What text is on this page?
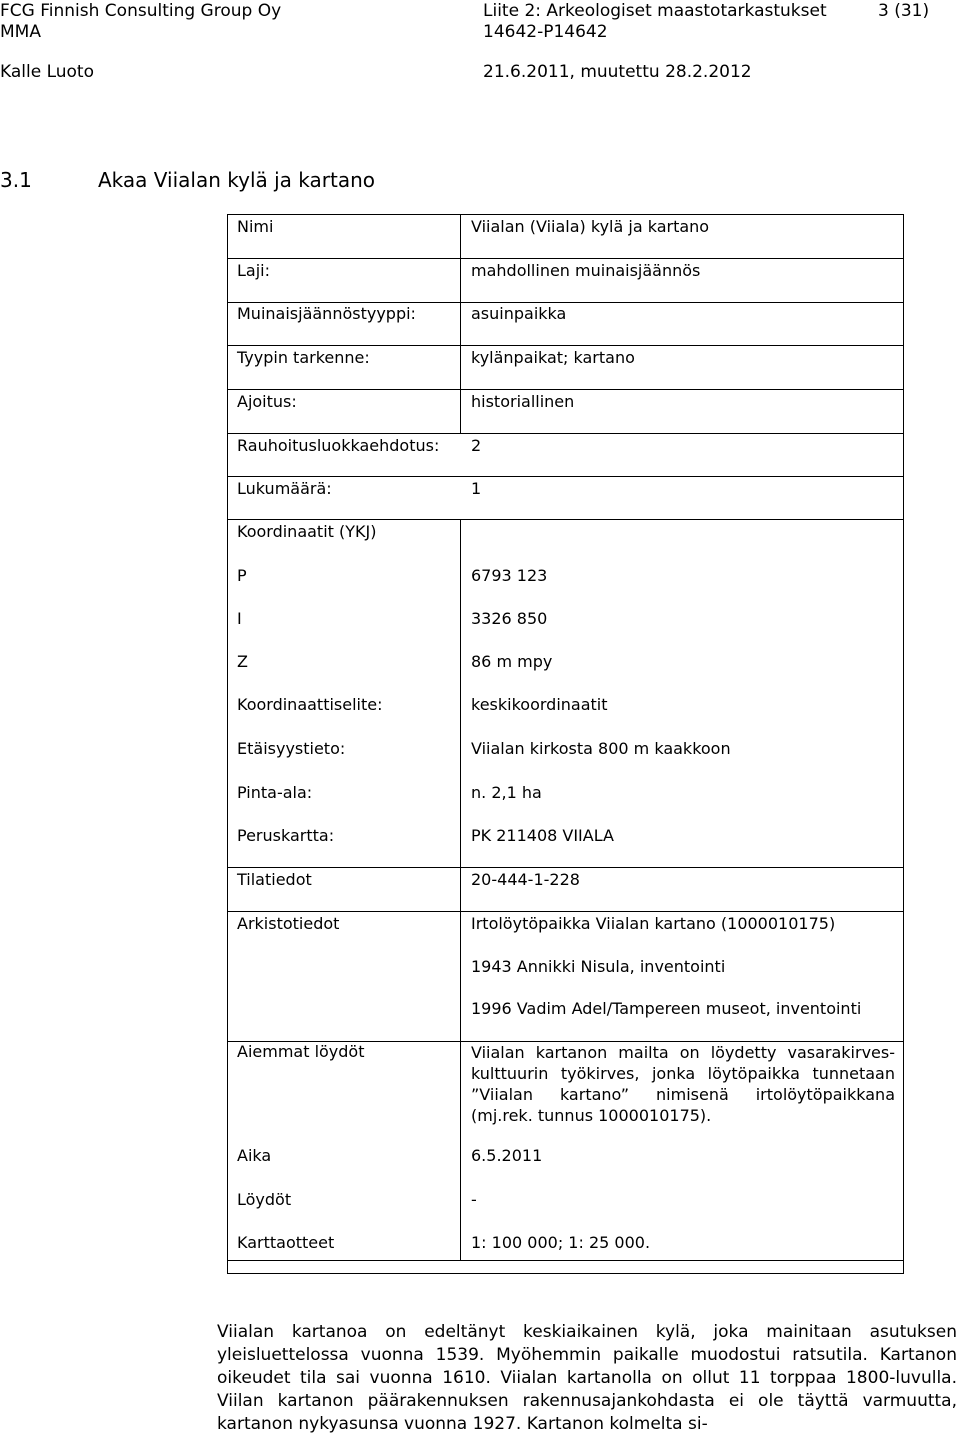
FCG Finnish Consulting Group Oy
MMA
Kalle Luoto
Liite 2: Arkeologiset maastotarkastukset
14642-P14642
21.6.2011, muutettu 28.2.2012
3 (31)
3.1	Akaa Viialan kylä ja kartano
Nimi	Viialan (Viiala) kylä ja kartano
Laji:	mahdollinen muinaisjäännös
Muinaisjäännöstyyppi:	asuinpaikka
Tyypin tarkenne:	kylänpaikat; kartano
Ajoitus:	historiallinen
Rauhoitusluokkaehdotus: 2
Lukumäärä:	1
Koordinaatit (YKJ)
P	6793 123
I	3326 850
Z	86 m mpy
Koordinaattiselite:	keskikoordinaatit
Etäisyystieto:	Viialan kirkosta 800 m kaakkoon
Pinta-ala:	n. 2,1 ha
Peruskartta:	PK 211408 VIIALA
Tilatiedot	20-444-1-228
Arkistotiedot	Irtolöytöpaikka Viialan kartano (1000010175)
1943 Annikki Nisula, inventointi
1996 Vadim Adel/Tampereen museot, inventointi
Aiemmat löydöt	Viialan kartanon mailta on löydetty vasarakirves-kulttuurin työkirves, jonka löytöpaikka tunnetaan ”Viialan kartano” nimisenä irtolöytöpaikkana (mj.rek. tunnus 1000010175).
Aika	6.5.2011
Löydöt	-
Karttaotteet	1: 100 000; 1: 25 000.
Viialan kartanoa on edeltänyt keskiaikainen kylä, joka mainitaan asutuksen yleisluettelossa vuonna 1539. Myöhemmin paikalle muodostui ratsutila. Kartanon oikeudet tila sai vuonna 1610. Viialan kartanolla on ollut 11 torppaa 1800-luvulla. Viilan kartanon päärakennuksen rakennusajankohdasta ei ole täyttä varmuutta, kartanon nykyasunsa vuonna 1927. Kartanon kolmelta si-
